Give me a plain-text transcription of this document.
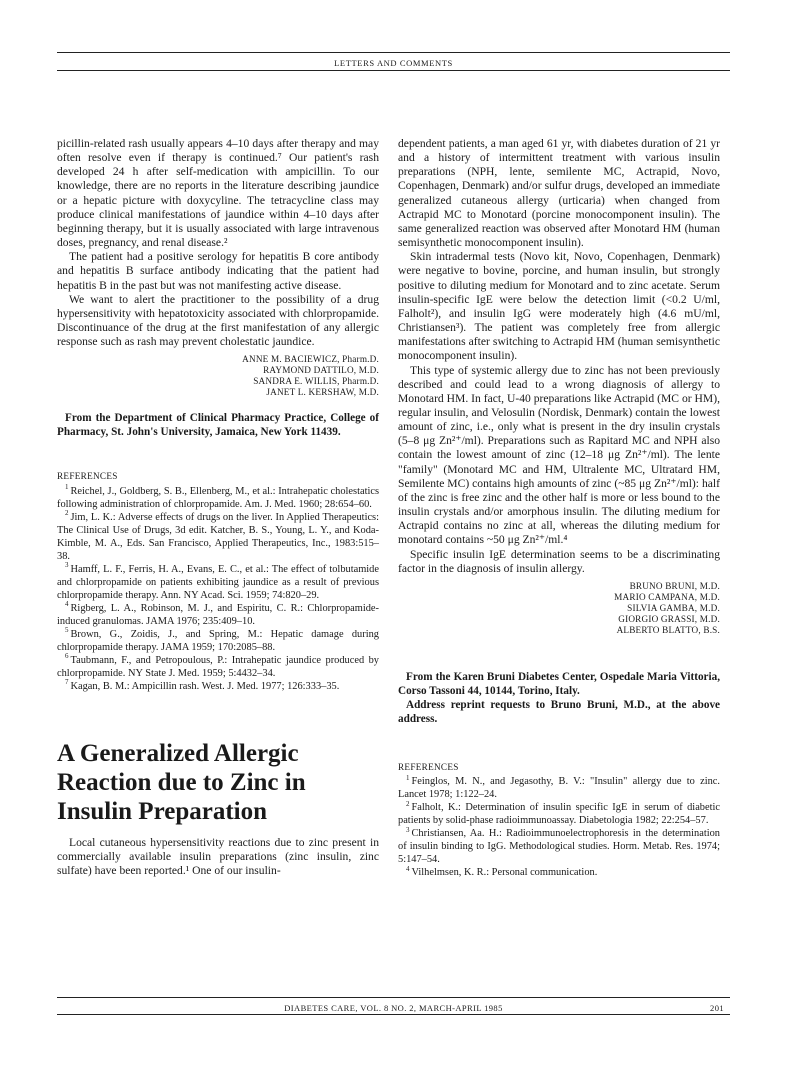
LETTERS AND COMMENTS

picillin-related rash usually appears 4–10 days after therapy and may often resolve even if therapy is continued.⁷ Our patient's rash developed 24 h after self-medication with ampicillin. To our knowledge, there are no reports in the literature describing jaundice or a hepatic picture with doxycyline. The tetracycline class may produce clinical manifestations of jaundice within 4–10 days after beginning therapy, but it is usually associated with large intravenous doses, pregnancy, and renal disease.²

The patient had a positive serology for hepatitis B core antibody and hepatitis B surface antibody indicating that the patient had hepatitis B in the past but was not manifesting active disease.

We want to alert the practitioner to the possibility of a drug hypersensitivity with hepatotoxicity associated with chlorpropamide. Discontinuance of the drug at the first manifestation of any allergic response such as rash may prevent cholestatic jaundice.

ANNE M. BACIEWICZ, Pharm.D.
RAYMOND DATTILO, M.D.
SANDRA E. WILLIS, Pharm.D.
JANET L. KERSHAW, M.D.

From the Department of Clinical Pharmacy Practice, College of Pharmacy, St. John's University, Jamaica, New York 11439.

REFERENCES
$^1$ Reichel, J., Goldberg, S. B., Ellenberg, M., et al.: Intrahepatic cholestatics following administration of chlorpropamide. Am. J. Med. 1960; 28:654–60.
$^2$ Jim, L. K.: Adverse effects of drugs on the liver. In Applied Therapeutics: The Clinical Use of Drugs, 3d edit. Katcher, B. S., Young, L. Y., and Koda-Kimble, M. A., Eds. San Francisco, Applied Therapeutics, Inc., 1983:515–38.
$^3$ Hamff, L. F., Ferris, H. A., Evans, E. C., et al.: The effect of tolbutamide and chlorpropamide on patients exhibiting jaundice as a result of previous chlorpropamide therapy. Ann. NY Acad. Sci. 1959; 74:820–29.
$^4$ Rigberg, L. A., Robinson, M. J., and Espiritu, C. R.: Chlorpropamide-induced granulomas. JAMA 1976; 235:409–10.
$^5$ Brown, G., Zoidis, J., and Spring, M.: Hepatic damage during chlorpropamide therapy. JAMA 1959; 170:2085–88.
$^6$ Taubmann, F., and Petropoulous, P.: Intrahepatic jaundice produced by chlorpropamide. NY State J. Med. 1959; 5:4432–34.
$^7$ Kagan, B. M.: Ampicillin rash. West. J. Med. 1977; 126:333–35.
A Generalized Allergic Reaction due to Zinc in Insulin Preparation

Local cutaneous hypersensitivity reactions due to zinc present in commercially available insulin preparations (zinc insulin, zinc sulfate) have been reported.¹ One of our insulin-

dependent patients, a man aged 61 yr, with diabetes duration of 21 yr and a history of intermittent treatment with various insulin preparations (NPH, lente, semilente MC, Actrapid, Novo, Copenhagen, Denmark) and/or sulfur drugs, developed an immediate generalized cutaneous allergy (urticaria) when changed from Actrapid MC to Monotard (porcine monocomponent insulin). The same generalized reaction was observed after Monotard HM (human semisynthetic monocomponent insulin).

Skin intradermal tests (Novo kit, Novo, Copenhagen, Denmark) were negative to bovine, porcine, and human insulin, but strongly positive to diluting medium for Monotard and to zinc acetate. Serum insulin-specific IgE were below the detection limit (<0.2 U/ml, Falholt²), and insulin IgG were moderately high (4.6 mU/ml, Christiansen³). The patient was completely free from allergic manifestations after switching to Actrapid HM (human semisynthetic monocomponent insulin).

This type of systemic allergy due to zinc has not been previously described and could lead to a wrong diagnosis of allergy to Monotard HM. In fact, U-40 preparations like Actrapid (MC or HM), regular insulin, and Velosulin (Nordisk, Denmark) contain the lowest amount of zinc, i.e., only what is present in the dry insulin crystals (5–8 μg Zn²⁺/ml). Preparations such as Rapitard MC and NPH also contain the lowest amount of zinc (12–18 μg Zn²⁺/ml). The lente "family" (Monotard MC and HM, Ultralente MC, Ultratard HM, Semilente MC) contains high amounts of zinc (~85 μg Zn²⁺/ml): half of the zinc is free zinc and the other half is more or less bound to the insulin crystals and/or amorphous insulin. The diluting medium for Actrapid contains no zinc at all, whereas the diluting medium for monotard contains ~50 μg Zn²⁺/ml.⁴

Specific insulin IgE determination seems to be a discriminating factor in the diagnosis of insulin allergy.

BRUNO BRUNI, M.D.
MARIO CAMPANA, M.D.
SILVIA GAMBA, M.D.
GIORGIO GRASSI, M.D.
ALBERTO BLATTO, B.S.

From the Karen Bruni Diabetes Center, Ospedale Maria Vittoria, Corso Tassoni 44, 10144, Torino, Italy.

Address reprint requests to Bruno Bruni, M.D., at the above address.

REFERENCES
$^1$ Feinglos, M. N., and Jegasothy, B. V.: "Insulin" allergy due to zinc. Lancet 1978; 1:122–24.
$^2$ Falholt, K.: Determination of insulin specific IgE in serum of diabetic patients by solid-phase radioimmunoassay. Diabetologia 1982; 22:254–57.
$^3$ Christiansen, Aa. H.: Radioimmunoelectrophoresis in the determination of insulin binding to IgG. Methodological studies. Horm. Metab. Res. 1974; 5:147–54.
$^4$ Vilhelmsen, K. R.: Personal communication.
DIABETES CARE, VOL. 8 NO. 2, MARCH-APRIL 1985	201
